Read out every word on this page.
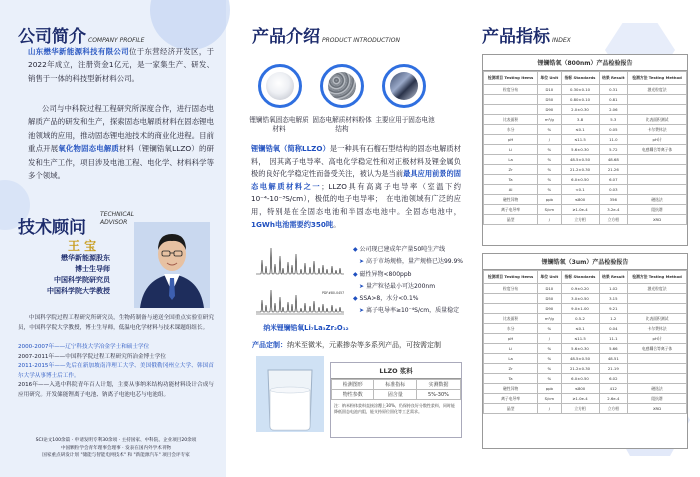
公司简介 COMPANY PROFILE
山东懋华新能源科技有限公司位于东营经济开发区，于2022年成立，注册资金1亿元，是一家集生产、研发、销售于一体的科技型新材料公司。
公司与中科院过程工程研究所深度合作，进行固态电解质产品的研发和生产，探索固态电解质材料在固态锂电池领域的应用，推动固态锂电池技术的商业化进程。目前重点开展氧化物固态电解质材料（锂镧锆氧LLZO）的研发和生产工作，项目涉及电池工程、电化学、材料科学等多个领域。
技术顾问
TECHNICAL ADVISOR
王 宝
懋华新能源股东
博士生导师
中国科学院研究员
中国科学院大学教授
中国科学院过程工程研究所研究员，生物药制备与递送全国重点实验室研究员，中国科学院大学教授，博士生导师，低温电化学材料与技术课题组组长。
2000-2007年——辽宁科技大学冶金学士和硕士学位
2007-2011年——中国科学院过程工程研究所冶金博士学位
2011-2015年——先后在新加坡南洋理工大学、美国俄勒冈州立大学、韩国首尔大学从事博士后工作。
2016年——入选中科院青年百人计划，主要从事纳米结构功能材料设计合成与应用研究。开发储能锂离子电池、钠离子电池电芯与电池组。
SCI论文100余篇 · 申请发明专利30余项 · 主持国家、中科院、企业项目20余项
中国颗粒学会青年理事会理事 · 发表在国内外学术刊物
国家重点研发计划 "储能与智能电网技术" 和 "新能源汽车" 项目会评专家
产品介绍 PRODUCT INTRODUCTION
锂镧锆氧固态电解质材料
固态电解质材料粉体结构
主要应用于固态电池
锂镧锆氧（简称LLZO）是一种具有石榴石型结构的固态电解质材料，　因其离子电导率、高电化学稳定性和对正极材料及锂金属负极的良好化学稳定性而备受关注，被认为是当前最具应用前景的固态电解质材料之一；LLZO具有高离子电导率（室温下约10⁻⁴-10⁻³S/cm），极低的电子电导率；　在电池领域有广泛的应用，特别是在全固态电池和半固态电池中。全固态电池中，1GWh电池需要约350吨。
PDF#80-0457
纳米锂镧锆氧Li₇La₃Zr₂O₁₂
◆ 公司现已建成年产量50吨生产线
➤ 高于市场规格，量产规格已达99.9%
◆ 磁性异物<800ppb
➤ 量产粒径最小可达200nm
◆ SSA>8，水分<0.1%
➤ 离子电导率≥10⁻⁴S/cm，质量稳定
产品定制：纳米至微米，元素掺杂等多系列产品，可按需定制
LLZO 浆料
检测图形	标准指标	实测数据
物性参数	固含量	5%-30%
注：纳米粉体浆料直接涂覆上30%，仍保持良好分散性浆料，同时能降低固态电池内阻，能支持原位固化等工艺需求。
产品指标 INDEX
锂镧锆氧（800nm）产品检验报告
检测项目 Testing Items	单位 Unit	指标 Standards	结果 Result	检测方法 Testing Method
粒度分布	D10	0.30±0.10	0.31	激光粒度法
	D50	0.80±0.10	0.81	
	D90	2.0±0.30	2.06	
比表面积	m²/g	3-8	5.3	比表面积测试
水分	%	≤0.1	0.05	卡尔费休法
pH	/	≤11.5	11.0	pH计
Li	%	5.6±0.30	5.72	电感耦合等离子体
La	%	48.5±0.50	48.68	
Zr	%	21.2±0.30	21.26	
Ta	%	6.0±0.50	6.07	
Al	%	<0.1	0.03	
磁性异物	ppb	≤800	356	磁选法
离子电导率	S/cm	≥1.0e-4	3.2e-4	阻抗谱
晶型	/	立方相	立方相	XRD
锂镧锆氧（3um）产品检验报告
检测项目 Testing Items	单位 Unit	指标 Standards	结果 Result	检测方法 Testing Method
粒度分布	D10	0.9±0.20	1.02	激光粒度法
	D50	3.0±0.50	3.15	
	D90	9.0±1.00	9.21	
比表面积	m²/g	0.5-2	1.2	比表面积测试
水分	%	≤0.1	0.04	卡尔费休法
pH	/	≤11.5	11.1	pH计
Li	%	5.6±0.30	5.66	电感耦合等离子体
La	%	48.5±0.50	48.51	
Zr	%	21.2±0.30	21.19	
Ta	%	6.0±0.50	6.02	
磁性异物	ppb	≤800	412	磁选法
离子电导率	S/cm	≥1.0e-4	2.6e-4	阻抗谱
晶型	/	立方相	立方相	XRD
